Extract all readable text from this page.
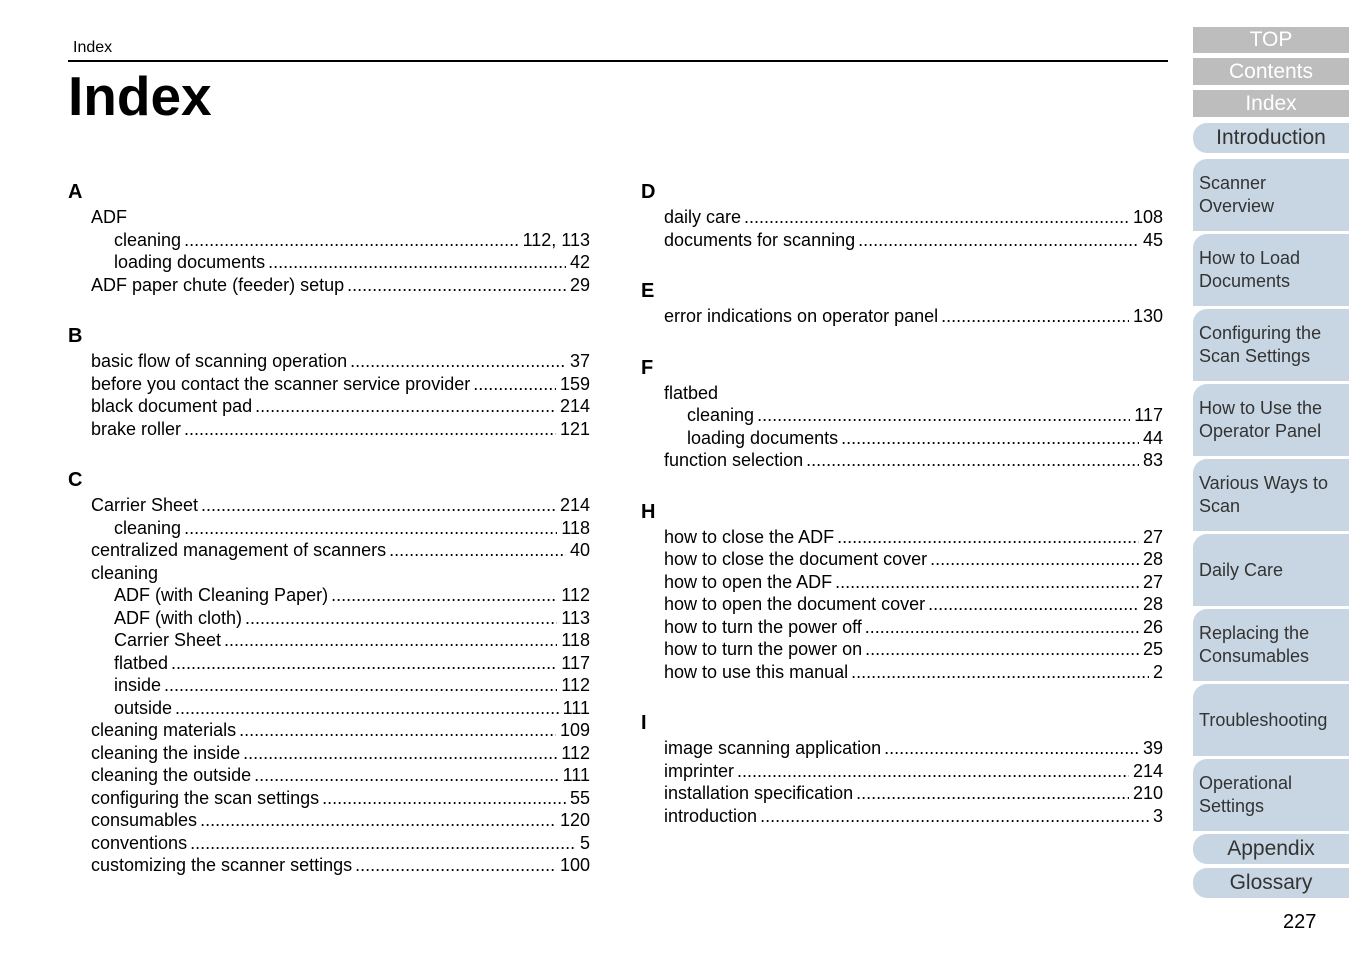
Index
Index
A
ADF
cleaning .....	112, 113
loading documents .....	42
ADF paper chute (feeder) setup .....	29
B
basic flow of scanning operation .....	37
before you contact the scanner service provider .....	159
black document pad .....	214
brake roller .....	121
C
Carrier Sheet .....	214
cleaning .....	118
centralized management of scanners .....	40
cleaning
ADF (with Cleaning Paper) .....	112
ADF (with cloth) .....	113
Carrier Sheet .....	118
flatbed .....	117
inside .....	112
outside .....	111
cleaning materials .....	109
cleaning the inside .....	112
cleaning the outside .....	111
configuring the scan settings .....	55
consumables .....	120
conventions .....	5
customizing the scanner settings .....	100
D
daily care .....	108
documents for scanning .....	45
E
error indications on operator panel .....	130
F
flatbed
cleaning .....	117
loading documents .....	44
function selection .....	83
H
how to close the ADF .....	27
how to close the document cover .....	28
how to open the ADF .....	27
how to open the document cover .....	28
how to turn the power off .....	26
how to turn the power on .....	25
how to use this manual .....	2
I
image scanning application .....	39
imprinter .....	214
installation specification .....	210
introduction .....	3
TOP
Contents
Index
Introduction
Scanner
Overview
How to Load
Documents
Configuring the
Scan Settings
How to Use the
Operator Panel
Various Ways to
Scan
Daily Care
Replacing the
Consumables
Troubleshooting
Operational
Settings
Appendix
Glossary
227
